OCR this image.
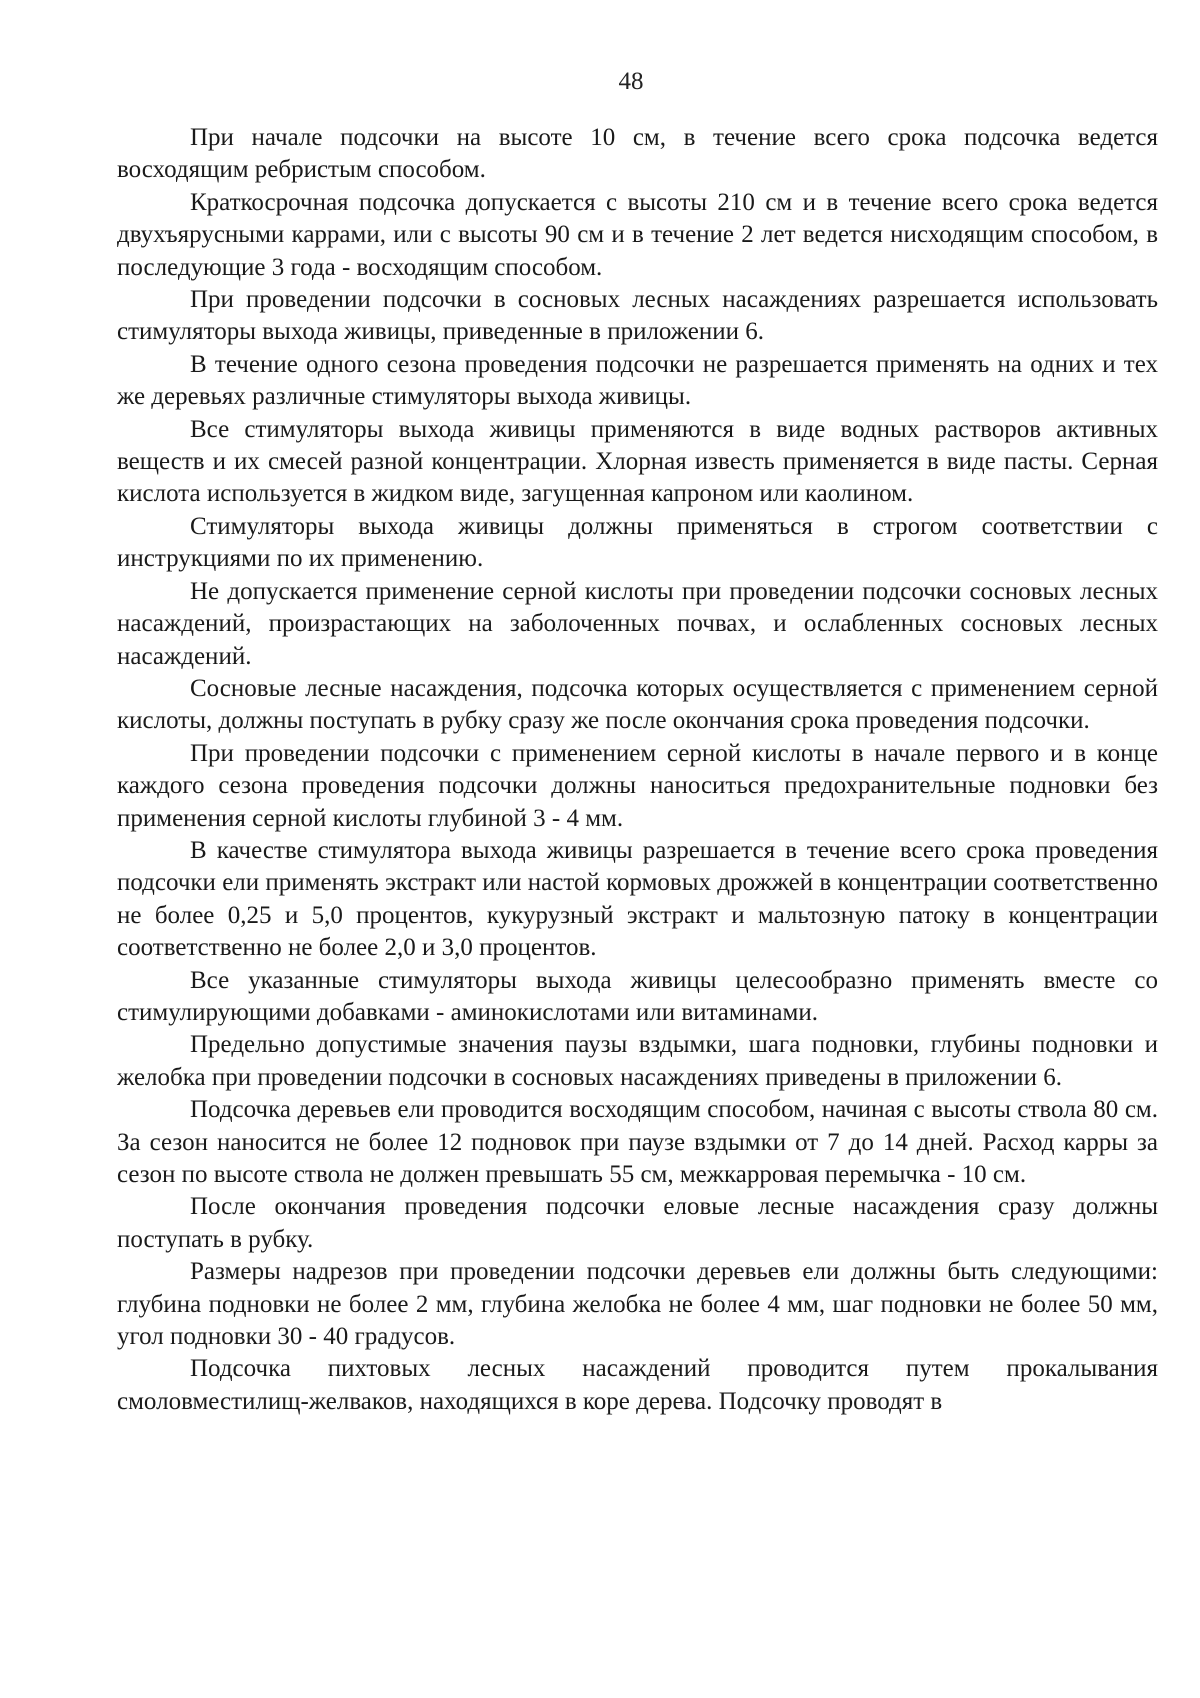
48

При начале подсочки на высоте 10 см, в течение всего срока подсочка ведется восходящим ребристым способом.

Краткосрочная подсочка допускается с высоты 210 см и в течение всего срока ведется двухъярусными каррами, или с высоты 90 см и в течение 2 лет ведется нисходящим способом, в последующие 3 года - восходящим способом.

При проведении подсочки в сосновых лесных насаждениях разрешается использовать стимуляторы выхода живицы, приведенные в приложении 6.

В течение одного сезона проведения подсочки не разрешается применять на одних и тех же деревьях различные стимуляторы выхода живицы.

Все стимуляторы выхода живицы применяются в виде водных растворов активных веществ и их смесей разной концентрации. Хлорная известь применяется в виде пасты. Серная кислота используется в жидком виде, загущенная капроном или каолином.

Стимуляторы выхода живицы должны применяться в строгом соответствии с инструкциями по их применению.

Не допускается применение серной кислоты при проведении подсочки сосновых лесных насаждений, произрастающих на заболоченных почвах, и ослабленных сосновых лесных насаждений.

Сосновые лесные насаждения, подсочка которых осуществляется с применением серной кислоты, должны поступать в рубку сразу же после окончания срока проведения подсочки.

При проведении подсочки с применением серной кислоты в начале первого и в конце каждого сезона проведения подсочки должны наноситься предохранительные подновки без применения серной кислоты глубиной 3 - 4 мм.

В качестве стимулятора выхода живицы разрешается в течение всего срока проведения подсочки ели применять экстракт или настой кормовых дрожжей в концентрации соответственно не более 0,25 и 5,0 процентов, кукурузный экстракт и мальтозную патоку в концентрации соответственно не более 2,0 и 3,0 процентов.

Все указанные стимуляторы выхода живицы целесообразно применять вместе со стимулирующими добавками - аминокислотами или витаминами.

Предельно допустимые значения паузы вздымки, шага подновки, глубины подновки и желобка при проведении подсочки в сосновых насаждениях приведены в приложении 6.

Подсочка деревьев ели проводится восходящим способом, начиная с высоты ствола 80 см. За сезон наносится не более 12 подновок при паузе вздымки от 7 до 14 дней. Расход карры за сезон по высоте ствола не должен превышать 55 см, межкарровая перемычка - 10 см.

После окончания проведения подсочки еловые лесные насаждения сразу должны поступать в рубку.

Размеры надрезов при проведении подсочки деревьев ели должны быть следующими: глубина подновки не более 2 мм, глубина желобка не более 4 мм, шаг подновки не более 50 мм, угол подновки 30 - 40 градусов.

Подсочка пихтовых лесных насаждений проводится путем прокалывания смоловместилищ-желваков, находящихся в коре дерева. Подсочку проводят в
